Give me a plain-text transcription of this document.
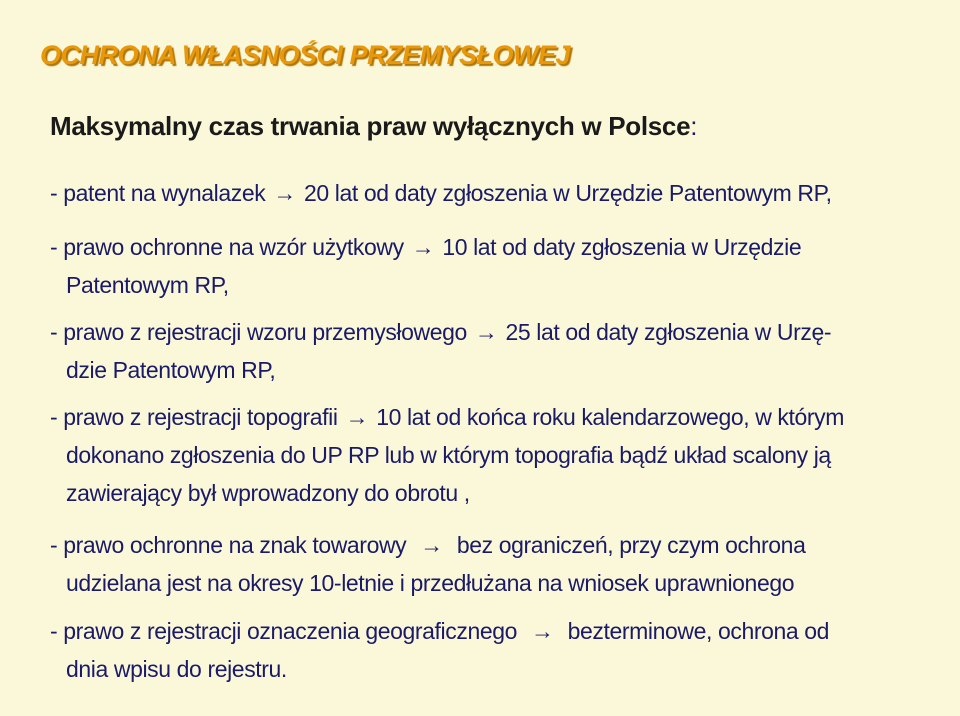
OCHRONA WŁASNOŚCI PRZEMYSŁOWEJ
Maksymalny czas trwania praw wyłącznych w Polsce:
- patent na wynalazek → 20 lat od daty zgłoszenia w Urzędzie Patentowym RP,
- prawo ochronne na wzór użytkowy → 10 lat od daty zgłoszenia w Urzędzie
Patentowym RP,
- prawo z rejestracji wzoru przemysłowego → 25 lat od daty zgłoszenia w Urzę-
dzie Patentowym RP,
- prawo z rejestracji topografii → 10 lat od końca roku kalendarzowego, w którym
dokonano zgłoszenia do UP RP lub w którym topografia bądź układ scalony ją
zawierający był wprowadzony do obrotu ,
- prawo ochronne na znak towarowy → bez ograniczeń, przy czym ochrona
udzielana jest na okresy 10-letnie i przedłużana na wniosek uprawnionego
- prawo z rejestracji oznaczenia geograficznego → bezterminowe, ochrona od
dnia wpisu do rejestru.
